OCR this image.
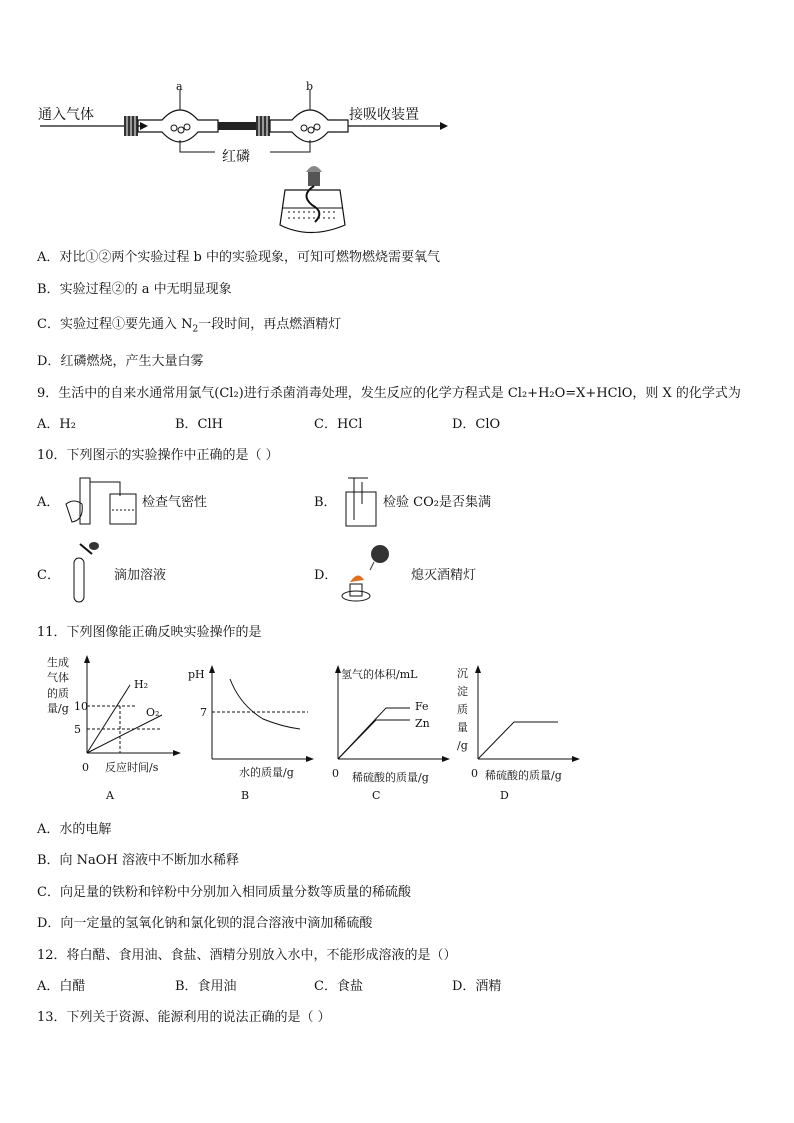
通入气体
a	b
接吸收装置
红磷
A．对比①②两个实验过程 b 中的实验现象，可知可燃物燃烧需要氧气
B．实验过程②的 a 中无明显现象
C．实验过程①要先通入 $N_2$一段时间，再点燃酒精灯
D．红磷燃烧，产生大量白雾
9．生活中的自来水通常用氯气(Cl₂)进行杀菌消毒处理，发生反应的化学方程式是 Cl₂+H₂O=X+HClO，则 X 的化学式为
A．H₂	B．ClH	C．HCl	D．ClO
10．下列图示的实验操作中正确的是（ ）
A．	检查气密性	B．	检验 CO₂是否集满
C．	滴加溶液	D．	熄灭酒精灯
11．下列图像能正确反映实验操作的是
生成
气体
的质
量/g 10
5
H₂
O₂
0 反应时间/s
A
pH
7
水的质量/g
B
氢气的体积/mL
Fe
Zn
0 稀硫酸的质量/g
C
沉
淀
质
量
/g
0 稀硫酸的质量/g
D
A．水的电解
B．向 NaOH 溶液中不断加水稀释
C．向足量的铁粉和锌粉中分别加入相同质量分数等质量的稀硫酸
D．向一定量的氢氧化钠和氯化钡的混合溶液中滴加稀硫酸
12．将白醋、食用油、食盐、酒精分别放入水中，不能形成溶液的是（）
A．白醋	B．食用油	C．食盐	D．酒精
13．下列关于资源、能源利用的说法正确的是（ ）
